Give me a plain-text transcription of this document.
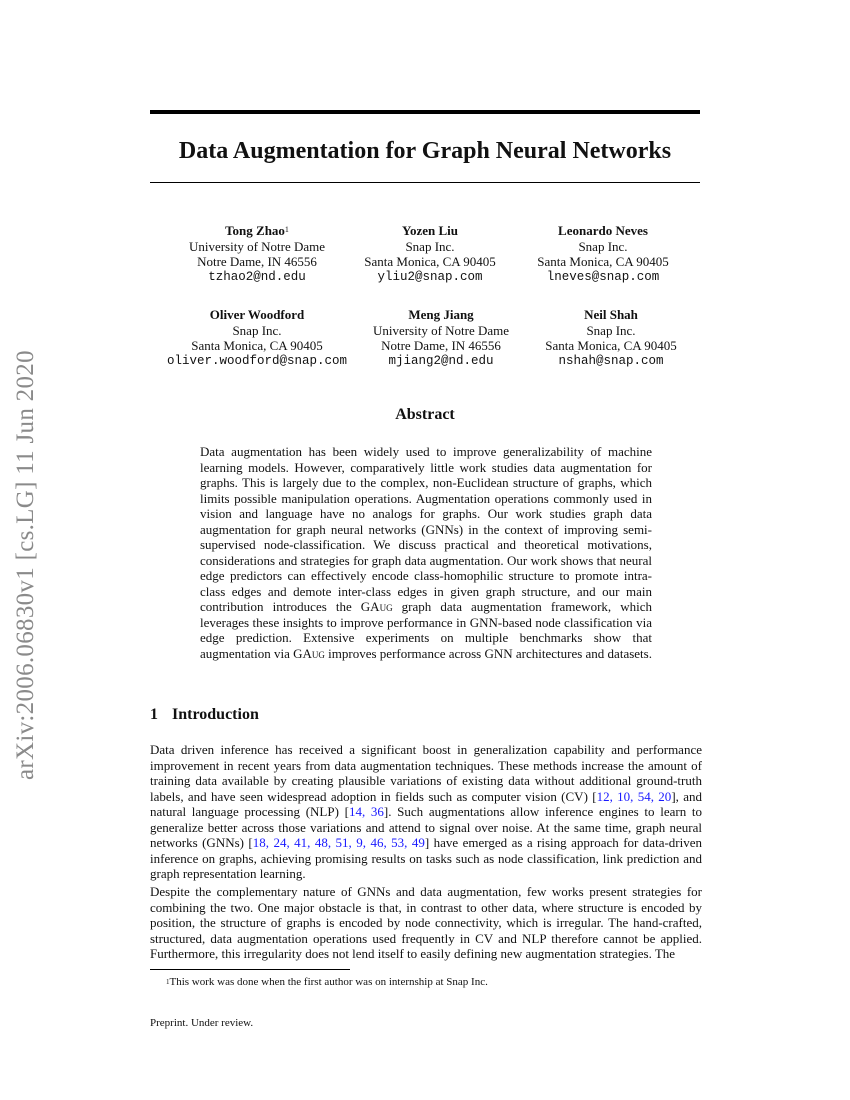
arXiv:2006.06830v1 [cs.LG] 11 Jun 2020
Data Augmentation for Graph Neural Networks
Tong Zhao$^1$
University of Notre Dame
Notre Dame, IN 46556
tzhao2@nd.edu
Yozen Liu
Snap Inc.
Santa Monica, CA 90405
yliu2@snap.com
Leonardo Neves
Snap Inc.
Santa Monica, CA 90405
lneves@snap.com
Oliver Woodford
Snap Inc.
Santa Monica, CA 90405
oliver.woodford@snap.com
Meng Jiang
University of Notre Dame
Notre Dame, IN 46556
mjiang2@nd.edu
Neil Shah
Snap Inc.
Santa Monica, CA 90405
nshah@snap.com
Abstract
Data augmentation has been widely used to improve generalizability of machine learning models. However, comparatively little work studies data augmentation for graphs. This is largely due to the complex, non-Euclidean structure of graphs, which limits possible manipulation operations. Augmentation operations commonly used in vision and language have no analogs for graphs. Our work studies graph data augmentation for graph neural networks (GNNs) in the context of improving semi-supervised node-classification. We discuss practical and theoretical motivations, considerations and strategies for graph data augmentation. Our work shows that neural edge predictors can effectively encode class-homophilic structure to promote intra-class edges and demote inter-class edges in given graph structure, and our main contribution introduces the GAug graph data augmentation framework, which leverages these insights to improve performance in GNN-based node classification via edge prediction. Extensive experiments on multiple benchmarks show that augmentation via GAug improves performance across GNN architectures and datasets.
1 Introduction

Data driven inference has received a significant boost in generalization capability and performance improvement in recent years from data augmentation techniques. These methods increase the amount of training data available by creating plausible variations of existing data without additional ground-truth labels, and have seen widespread adoption in fields such as computer vision (CV) [12, 10, 54, 20], and natural language processing (NLP) [14, 36]. Such augmentations allow inference engines to learn to generalize better across those variations and attend to signal over noise. At the same time, graph neural networks (GNNs) [18, 24, 41, 48, 51, 9, 46, 53, 49] have emerged as a rising approach for data-driven inference on graphs, achieving promising results on tasks such as node classification, link prediction and graph representation learning.

Despite the complementary nature of GNNs and data augmentation, few works present strategies for combining the two. One major obstacle is that, in contrast to other data, where structure is encoded by position, the structure of graphs is encoded by node connectivity, which is irregular. The hand-crafted, structured, data augmentation operations used frequently in CV and NLP therefore cannot be applied. Furthermore, this irregularity does not lend itself to easily defining new augmentation strategies. The

$^1$This work was done when the first author was on internship at Snap Inc.
Preprint. Under review.
